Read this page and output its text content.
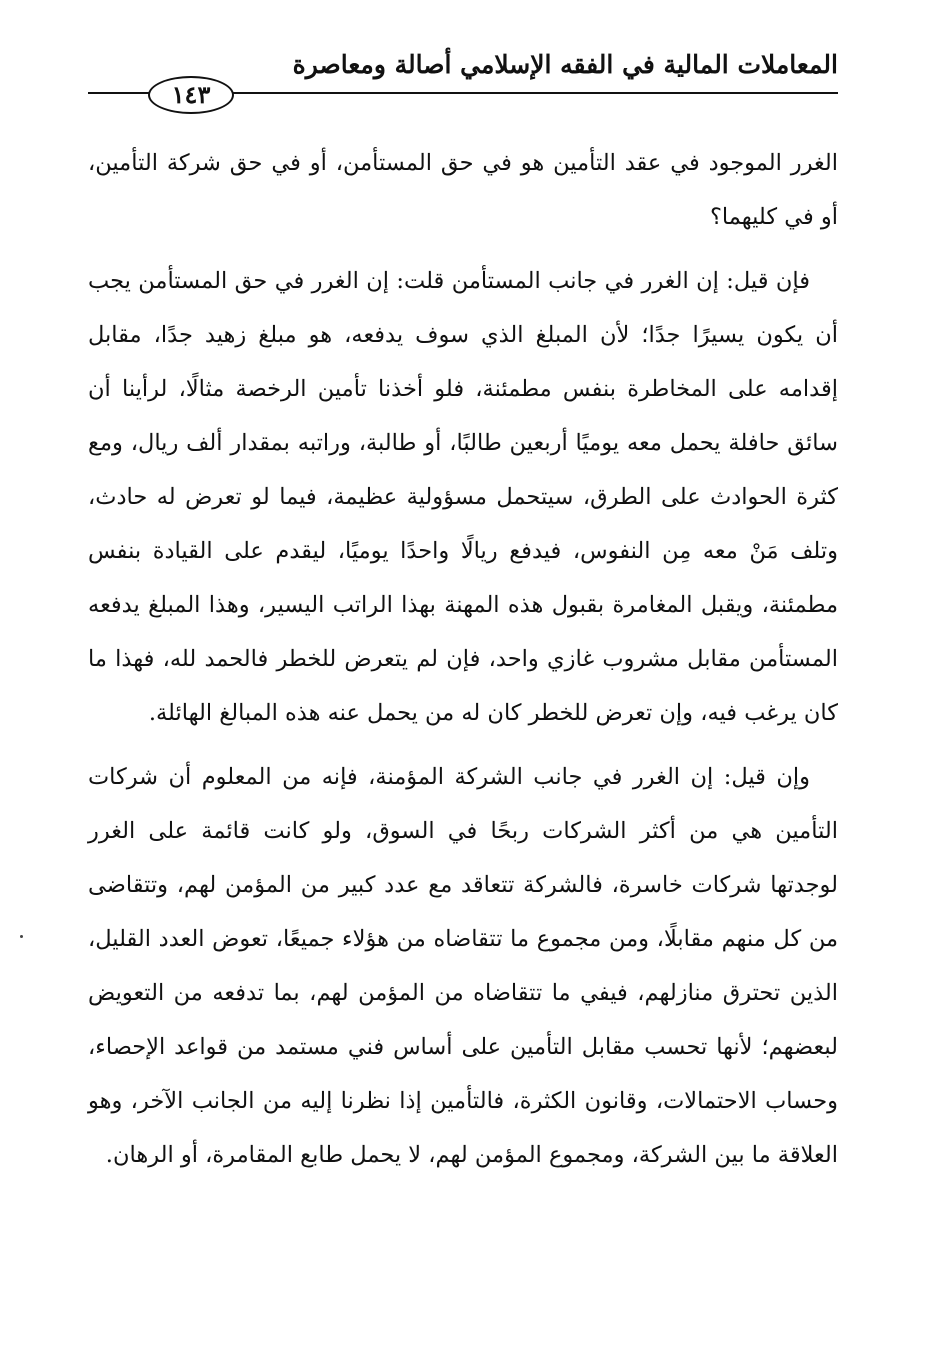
المعاملات المالية في الفقه الإسلامي أصالة ومعاصرة
١٤٣

الغرر الموجود في عقد التأمين هو في حق المستأمن، أو في حق شركة التأمين، أو في كليهما؟

فإن قيل: إن الغرر في جانب المستأمن قلت: إن الغرر في حق المستأمن يجب أن يكون يسيرًا جدًا؛ لأن المبلغ الذي سوف يدفعه، هو مبلغ زهيد جدًا، مقابل إقدامه على المخاطرة بنفس مطمئنة، فلو أخذنا تأمين الرخصة مثالًا، لرأينا أن سائق حافلة يحمل معه يوميًا أربعين طالبًا، أو طالبة، وراتبه بمقدار ألف ريال، ومع كثرة الحوادث على الطرق، سيتحمل مسؤولية عظيمة، فيما لو تعرض له حادث، وتلف مَنْ معه مِن النفوس، فيدفع ريالًا واحدًا يوميًا، ليقدم على القيادة بنفس مطمئنة، ويقبل المغامرة بقبول هذه المهنة بهذا الراتب اليسير، وهذا المبلغ يدفعه المستأمن مقابل مشروب غازي واحد، فإن لم يتعرض للخطر فالحمد لله، فهذا ما كان يرغب فيه، وإن تعرض للخطر كان له من يحمل عنه هذه المبالغ الهائلة.

وإن قيل: إن الغرر في جانب الشركة المؤمنة، فإنه من المعلوم أن شركات التأمين هي من أكثر الشركات ربحًا في السوق، ولو كانت قائمة على الغرر لوجدتها شركات خاسرة، فالشركة تتعاقد مع عدد كبير من المؤمن لهم، وتتقاضى من كل منهم مقابلًا، ومن مجموع ما تتقاضاه من هؤلاء جميعًا، تعوض العدد القليل، الذين تحترق منازلهم، فيفي ما تتقاضاه من المؤمن لهم، بما تدفعه من التعويض لبعضهم؛ لأنها تحسب مقابل التأمين على أساس فني مستمد من قواعد الإحصاء، وحساب الاحتمالات، وقانون الكثرة، فالتأمين إذا نظرنا إليه من الجانب الآخر، وهو العلاقة ما بين الشركة، ومجموع المؤمن لهم، لا يحمل طابع المقامرة، أو الرهان.
